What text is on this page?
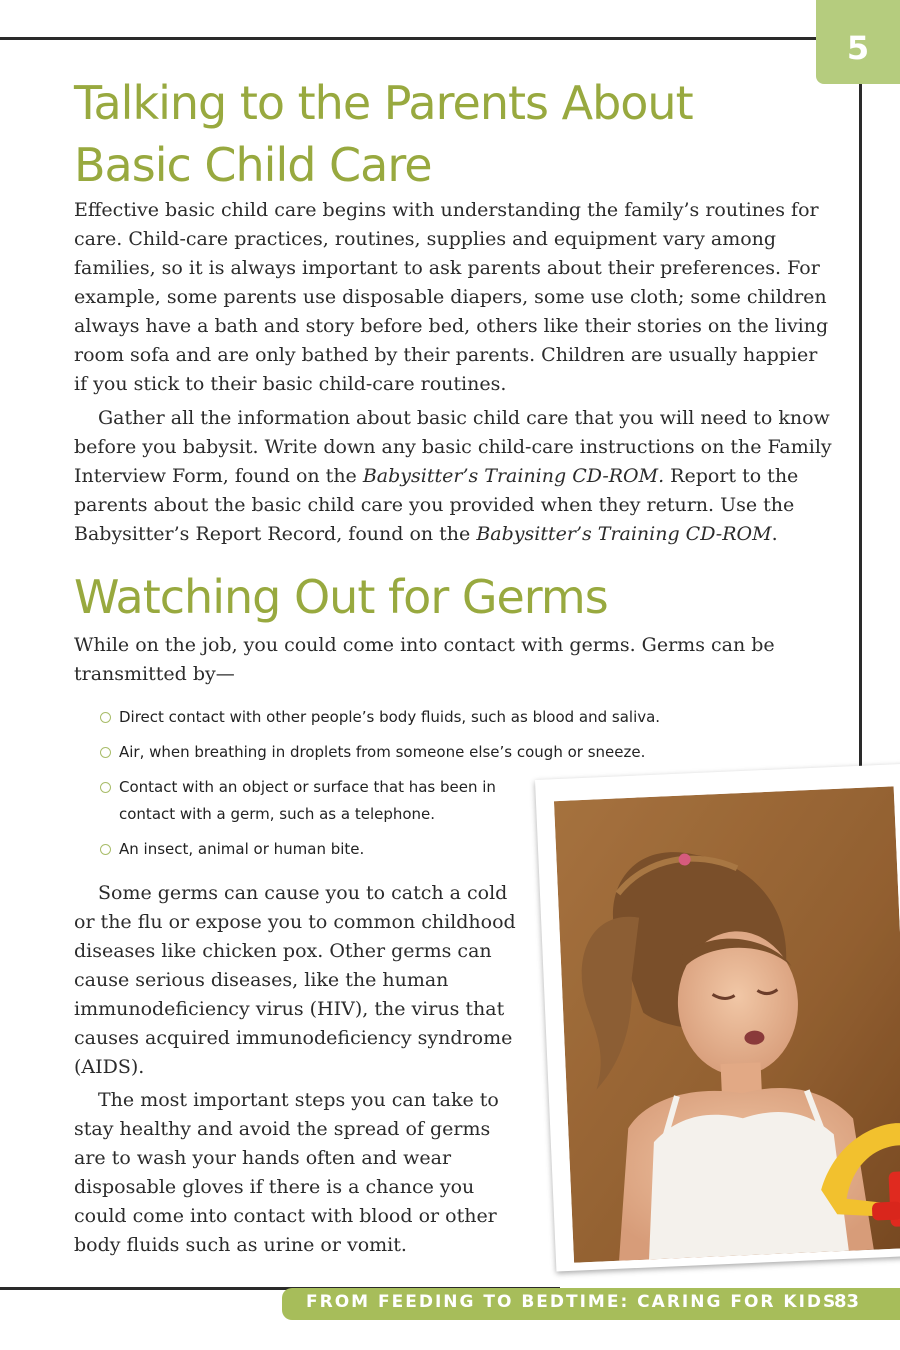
5
Talking to the Parents About
Basic Child Care

Effective basic child care begins with understanding the family’s routines for care. Child-care practices, routines, supplies and equipment vary among families, so it is always important to ask parents about their preferences. For example, some parents use disposable diapers, some use cloth; some children always have a bath and story before bed, others like their stories on the living room sofa and are only bathed by their parents. Children are usually happier if you stick to their basic child-care routines.

Gather all the information about basic child care that you will need to know before you babysit. Write down any basic child-care instructions on the Family Interview Form, found on the Babysitter’s Training CD-ROM. Report to the parents about the basic child care you provided when they return. Use the Babysitter’s Report Record, found on the Babysitter’s Training CD-ROM.

Watching Out for Germs

While on the job, you could come into contact with germs. Germs can be transmitted by—

Direct contact with other people’s body fluids, such as blood and saliva.
Air, when breathing in droplets from someone else’s cough or sneeze.
Contact with an object or surface that has been in contact with a germ, such as a telephone.
An insect, animal or human bite.

Some germs can cause you to catch a cold or the flu or expose you to common childhood diseases like chicken pox. Other germs can cause serious diseases, like the human immunodeficiency virus (HIV), the virus that causes acquired immunodeficiency syndrome (AIDS).

The most important steps you can take to stay healthy and avoid the spread of germs are to wash your hands often and wear disposable gloves if there is a chance you could come into contact with blood or other body fluids such as urine or vomit.

FROM FEEDING TO BEDTIME: CARING FOR KIDS
83
